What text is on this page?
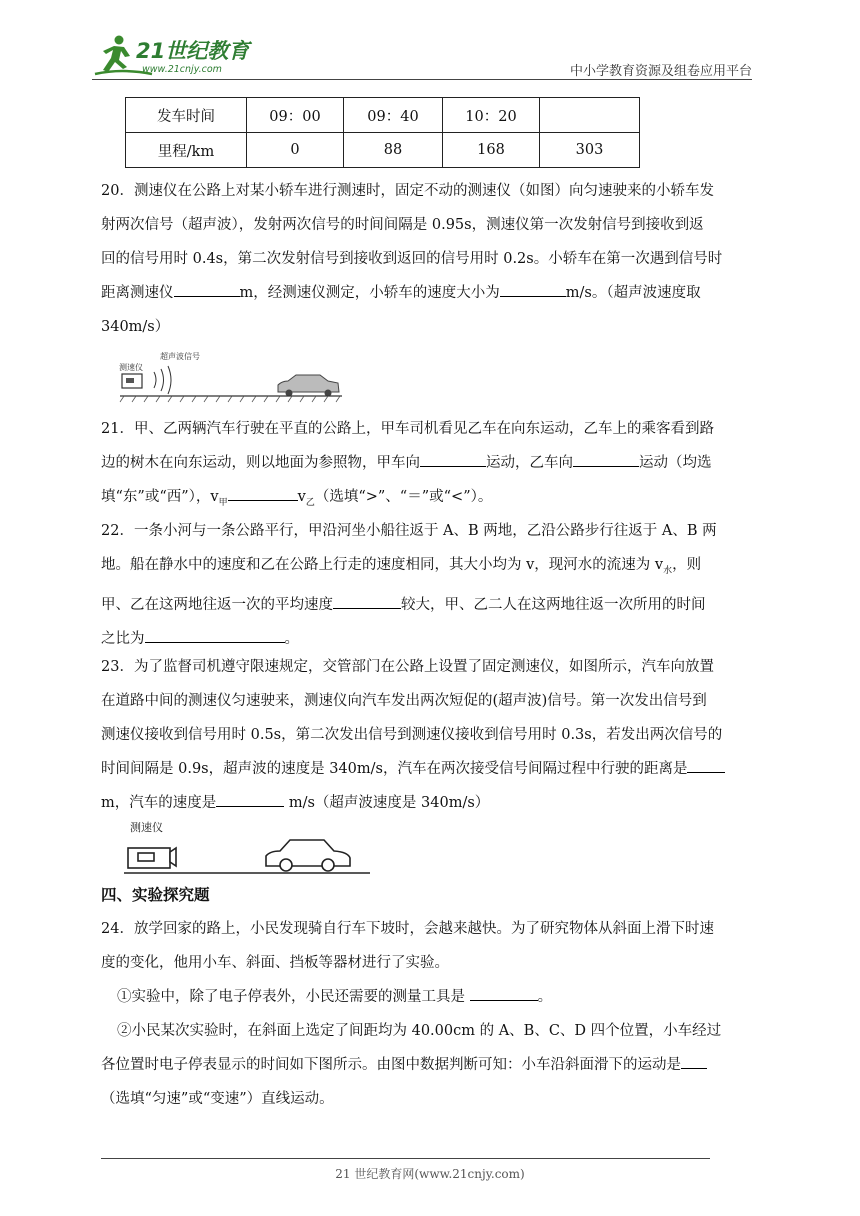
21世纪教育
www.21cnjy.com	中小学教育资源及组卷应用平台
发车时间	09：00	09：40	10：20	
里程/km	0	88	168	303

20．测速仪在公路上对某小轿车进行测速时，固定不动的测速仪（如图）向匀速驶来的小轿车发

射两次信号（超声波），发射两次信号的时间间隔是 0.95s，测速仪第一次发射信号到接收到返

回的信号用时 0.4s，第二次发射信号到接收到返回的信号用时 0.2s。小轿车在第一次遇到信号时

距离测速仪	m，经测速仪测定，小轿车的速度大小为	m/s。（超声波速度取

340m/s）

测速仪
超声波信号

21．甲、乙两辆汽车行驶在平直的公路上，甲车司机看见乙车在向东运动，乙车上的乘客看到路

边的树木在向东运动，则以地面为参照物，甲车向	运动，乙车向	运动（均选

填“东”或“西”），$v_甲$	$v_乙$（选填“>”、“＝”或“<”）。

22．一条小河与一条公路平行，甲沿河坐小船往返于 A、B 两地，乙沿公路步行往返于 A、B 两

地。船在静水中的速度和乙在公路上行走的速度相同，其大小均为 v，现河水的流速为 $v_水$，则

甲、乙在这两地往返一次的平均速度	较大，甲、乙二人在这两地往返一次所用的时间

之比为	。

23．为了监督司机遵守限速规定，交管部门在公路上设置了固定测速仪，如图所示，汽车向放置

在道路中间的测速仪匀速驶来，测速仪向汽车发出两次短促的(超声波)信号。第一次发出信号到

测速仪接收到信号用时 0.5s，第二次发出信号到测速仪接收到信号用时 0.3s，若发出两次信号的

时间间隔是 0.9s，超声波的速度是 340m/s，汽车在两次接受信号间隔过程中行驶的距离是

m，汽车的速度是	m/s（超声波速度是 340m/s）

测速仪
四、实验探究题

24．放学回家的路上，小民发现骑自行车下坡时，会越来越快。为了研究物体从斜面上滑下时速

度的变化，他用小车、斜面、挡板等器材进行了实验。

①实验中，除了电子停表外，小民还需要的测量工具是	。

②小民某次实验时，在斜面上选定了间距均为 40.00cm 的 A、B、C、D 四个位置，小车经过

各位置时电子停表显示的时间如下图所示。由图中数据判断可知：小车沿斜面滑下的运动是

（选填“匀速”或“变速”）直线运动。

21 世纪教育网(www.21cnjy.com)
